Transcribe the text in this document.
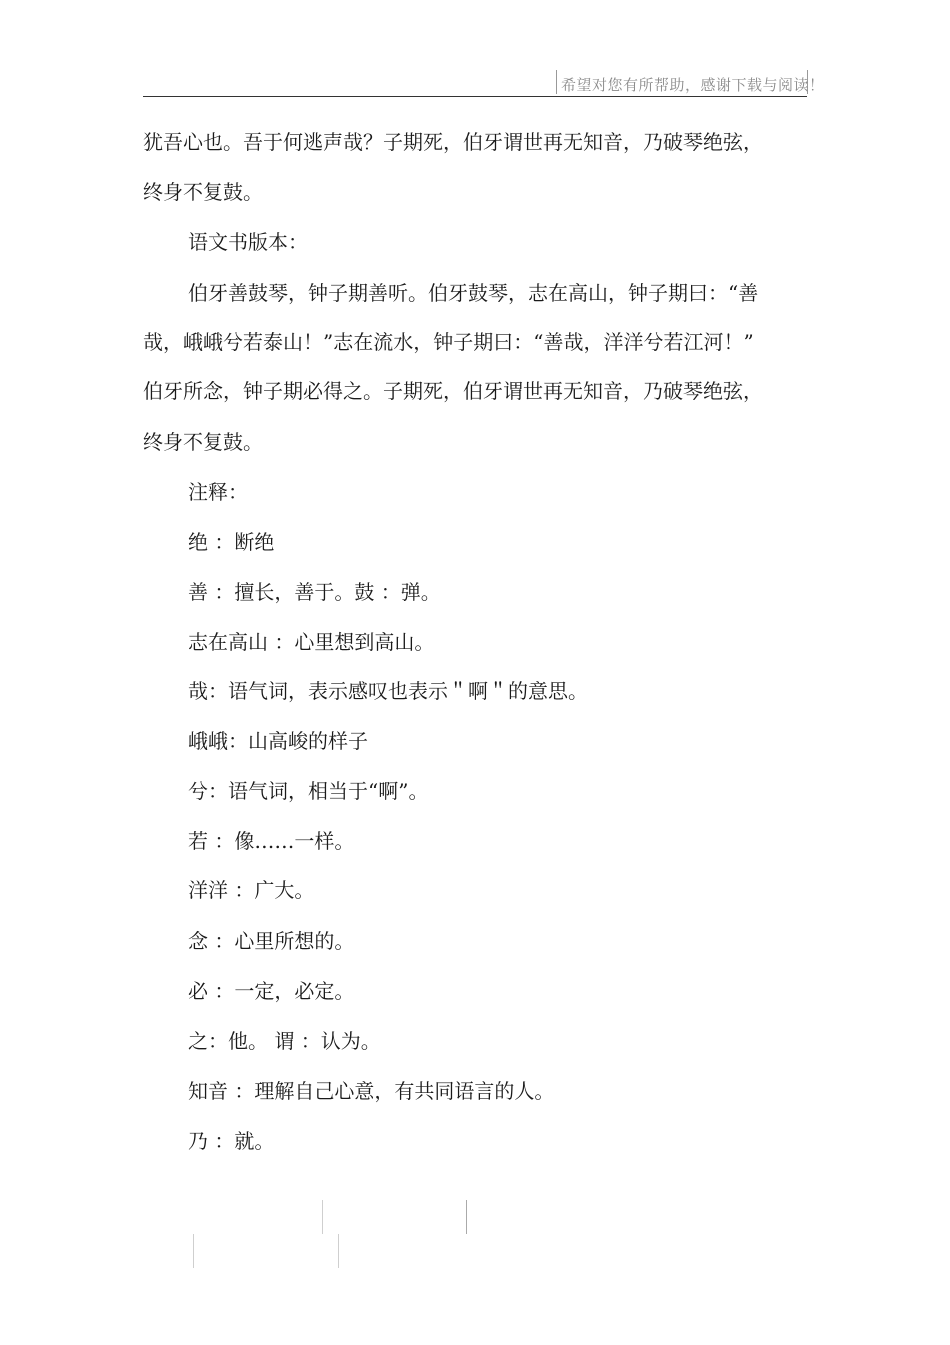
希望对您有所帮助，感谢下载与阅读！
犹吾心也。吾于何逃声哉？子期死，伯牙谓世再无知音，乃破琴绝弦，
终身不复鼓。
语文书版本：
伯牙善鼓琴，钟子期善听。伯牙鼓琴，志在高山，钟子期曰：“善
哉，峨峨兮若泰山！”志在流水，钟子期曰：“善哉，洋洋兮若江河！”
伯牙所念，钟子期必得之。子期死，伯牙谓世再无知音，乃破琴绝弦，
终身不复鼓。
注释：
绝 ：断绝
善 ：擅长，善于。鼓 ：弹。
志在高山 ：心里想到高山。
哉：语气词，表示感叹也表示＂啊＂的意思。
峨峨：山高峻的样子
兮：语气词，相当于“啊”。
若 ：像……一样。
洋洋 ：广大。
念 ：心里所想的。
必 ：一定，必定。
之：他。 谓 ：认为。
知音 ：理解自己心意，有共同语言的人。
乃 ：就。
